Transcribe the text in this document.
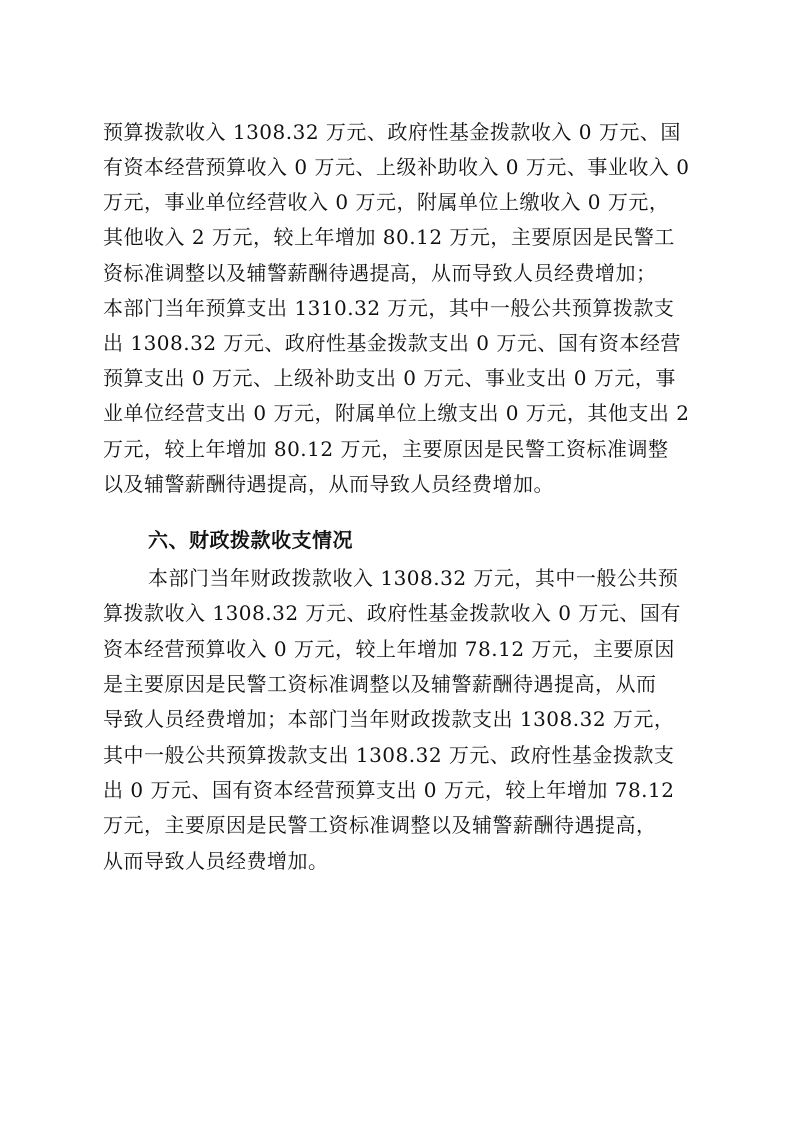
预算拨款收入 1308.32 万元、政府性基金拨款收入 0 万元、国
有资本经营预算收入 0 万元、上级补助收入 0 万元、事业收入 0
万元，事业单位经营收入 0 万元，附属单位上缴收入 0 万元，
其他收入 2 万元，较上年增加 80.12 万元，主要原因是民警工
资标准调整以及辅警薪酬待遇提高，从而导致人员经费增加；
本部门当年预算支出 1310.32 万元，其中一般公共预算拨款支
出 1308.32 万元、政府性基金拨款支出 0 万元、国有资本经营
预算支出 0 万元、上级补助支出 0 万元、事业支出 0 万元，事
业单位经营支出 0 万元，附属单位上缴支出 0 万元，其他支出 2
万元，较上年增加 80.12 万元，主要原因是民警工资标准调整
以及辅警薪酬待遇提高，从而导致人员经费增加。
六、财政拨款收支情况
本部门当年财政拨款收入 1308.32 万元，其中一般公共预
算拨款收入 1308.32 万元、政府性基金拨款收入 0 万元、国有
资本经营预算收入 0 万元，较上年增加 78.12 万元，主要原因
是主要原因是民警工资标准调整以及辅警薪酬待遇提高，从而
导致人员经费增加；本部门当年财政拨款支出 1308.32 万元，
其中一般公共预算拨款支出 1308.32 万元、政府性基金拨款支
出 0 万元、国有资本经营预算支出 0 万元，较上年增加 78.12
万元，主要原因是民警工资标准调整以及辅警薪酬待遇提高，
从而导致人员经费增加。
